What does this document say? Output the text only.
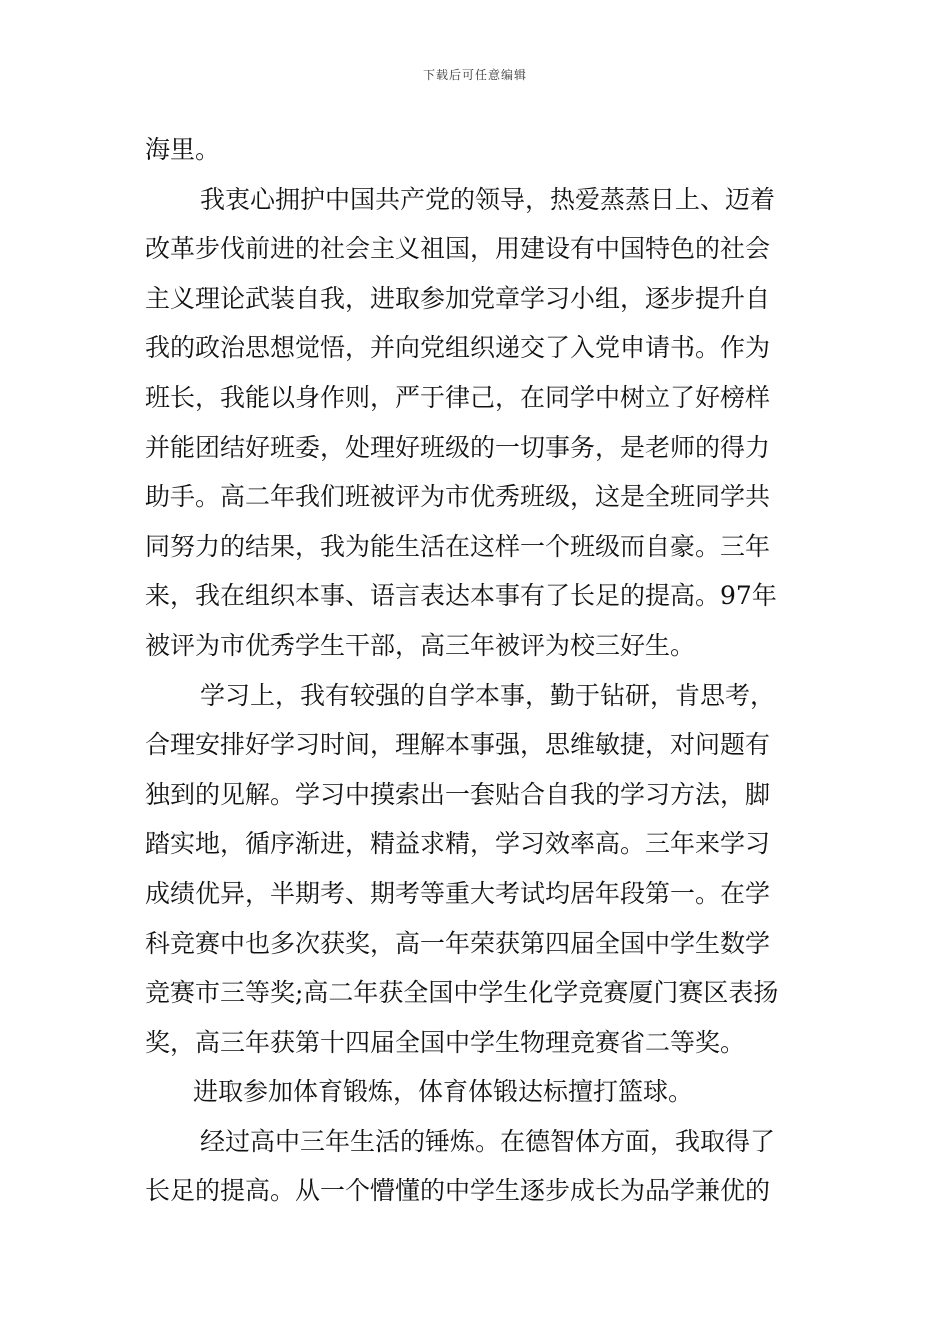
下载后可任意编辑
海里。
我衷心拥护中国共产党的领导，热爱蒸蒸日上、迈着
改革步伐前进的社会主义祖国，用建设有中国特色的社会
主义理论武装自我，进取参加党章学习小组，逐步提升自
我的政治思想觉悟，并向党组织递交了入党申请书。作为
班长，我能以身作则，严于律己，在同学中树立了好榜样
并能团结好班委，处理好班级的一切事务，是老师的得力
助手。高二年我们班被评为市优秀班级，这是全班同学共
同努力的结果，我为能生活在这样一个班级而自豪。三年
来，我在组织本事、语言表达本事有了长足的提高。97年
被评为市优秀学生干部，高三年被评为校三好生。
学习上，我有较强的自学本事，勤于钻研，肯思考，
合理安排好学习时间，理解本事强，思维敏捷，对问题有
独到的见解。学习中摸索出一套贴合自我的学习方法，脚
踏实地，循序渐进，精益求精，学习效率高。三年来学习
成绩优异，半期考、期考等重大考试均居年段第一。在学
科竞赛中也多次获奖，高一年荣获第四届全国中学生数学
竞赛市三等奖;高二年获全国中学生化学竞赛厦门赛区表扬
奖，高三年获第十四届全国中学生物理竞赛省二等奖。
进取参加体育锻炼，体育体锻达标擅打篮球。
经过高中三年生活的锤炼。在德智体方面，我取得了
长足的提高。从一个懵懂的中学生逐步成长为品学兼优的
